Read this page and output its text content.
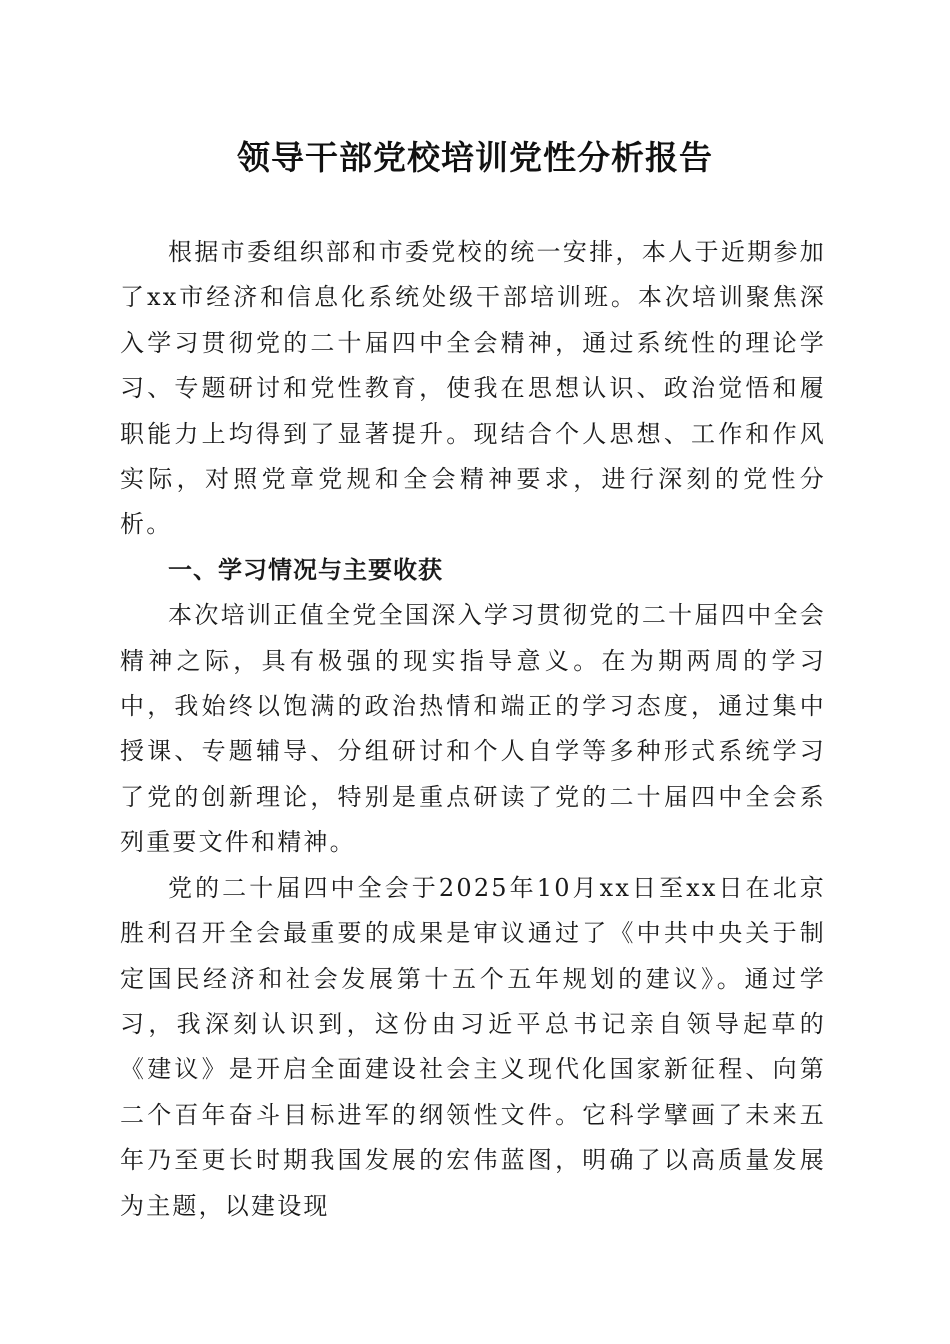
领导干部党校培训党性分析报告

根据市委组织部和市委党校的统一安排，本人于近期参加了xx市经济和信息化系统处级干部培训班。本次培训聚焦深入学习贯彻党的二十届四中全会精神，通过系统性的理论学习、专题研讨和党性教育，使我在思想认识、政治觉悟和履职能力上均得到了显著提升。现结合个人思想、工作和作风实际，对照党章党规和全会精神要求，进行深刻的党性分析。

一、学习情况与主要收获

本次培训正值全党全国深入学习贯彻党的二十届四中全会精神之际，具有极强的现实指导意义。在为期两周的学习中，我始终以饱满的政治热情和端正的学习态度，通过集中授课、专题辅导、分组研讨和个人自学等多种形式系统学习了党的创新理论，特别是重点研读了党的二十届四中全会系列重要文件和精神。

党的二十届四中全会于2025年10月xx日至xx日在北京胜利召开全会最重要的成果是审议通过了《中共中央关于制定国民经济和社会发展第十五个五年规划的建议》。通过学习，我深刻认识到，这份由习近平总书记亲自领导起草的《建议》是开启全面建设社会主义现代化国家新征程、向第二个百年奋斗目标进军的纲领性文件。它科学擘画了未来五年乃至更长时期我国发展的宏伟蓝图，明确了以高质量发展为主题，以建设现
